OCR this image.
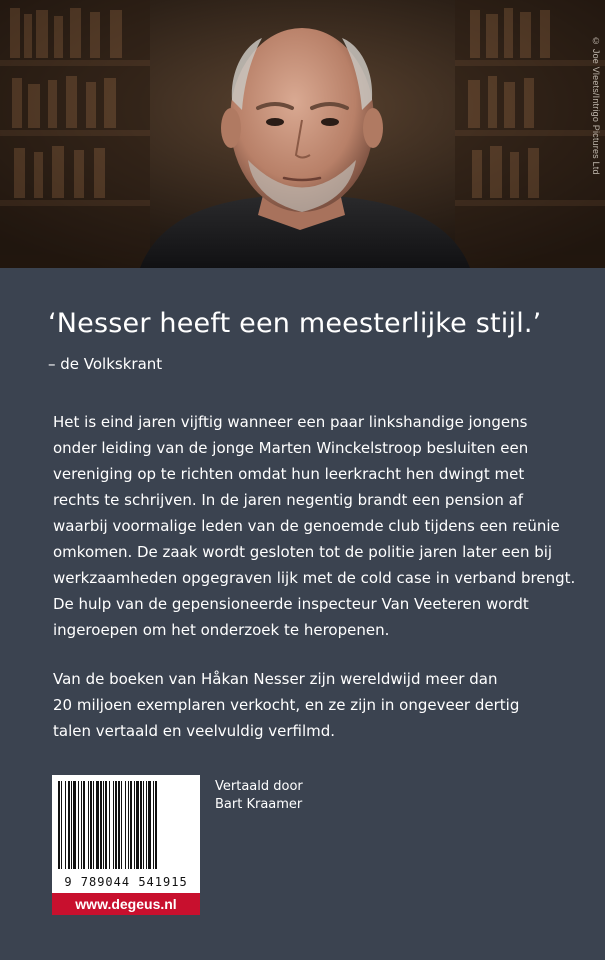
© Joe Vleets/Intrigo Pictures Ltd
‘Nesser heeft een meesterlijke stijl.’
– de Volkskrant
Het is eind jaren vijftig wanneer een paar linkshandige jongens
onder leiding van de jonge Marten Winckelstroop besluiten een
vereniging op te richten omdat hun leerkracht hen dwingt met
rechts te schrijven. In de jaren negentig brandt een pension af
waarbij voormalige leden van de genoemde club tijdens een reünie
omkomen. De zaak wordt gesloten tot de politie jaren later een bij
werkzaamheden opgegraven lijk met de cold case in verband brengt.
De hulp van de gepensioneerde inspecteur Van Veeteren wordt
ingeroepen om het onderzoek te heropenen.
Van de boeken van Håkan Nesser zijn wereldwijd meer dan
20 miljoen exemplaren verkocht, en ze zijn in ongeveer dertig
talen vertaald en veelvuldig verfilmd.
9 789044 541915
Vertaald door
Bart Kraamer
www.degeus.nl
